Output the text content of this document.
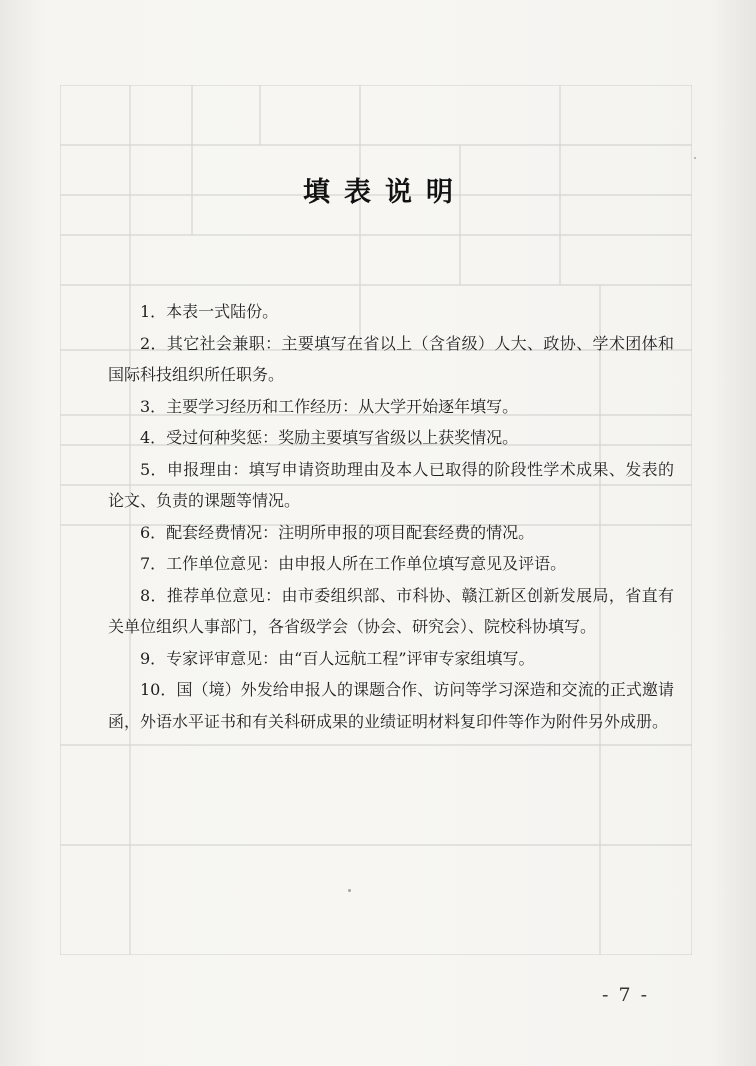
填表说明

1．本表一式陆份。

2．其它社会兼职：主要填写在省以上（含省级）人大、政协、学术团体和国际科技组织所任职务。

3．主要学习经历和工作经历：从大学开始逐年填写。

4．受过何种奖惩：奖励主要填写省级以上获奖情况。

5．申报理由：填写申请资助理由及本人已取得的阶段性学术成果、发表的论文、负责的课题等情况。

6．配套经费情况：注明所申报的项目配套经费的情况。

7．工作单位意见：由申报人所在工作单位填写意见及评语。

8．推荐单位意见：由市委组织部、市科协、赣江新区创新发展局，省直有关单位组织人事部门，各省级学会（协会、研究会）、院校科协填写。

9．专家评审意见：由“百人远航工程”评审专家组填写。

10．国（境）外发给申报人的课题合作、访问等学习深造和交流的正式邀请函，外语水平证书和有关科研成果的业绩证明材料复印件等作为附件另外成册。

- 7 -
